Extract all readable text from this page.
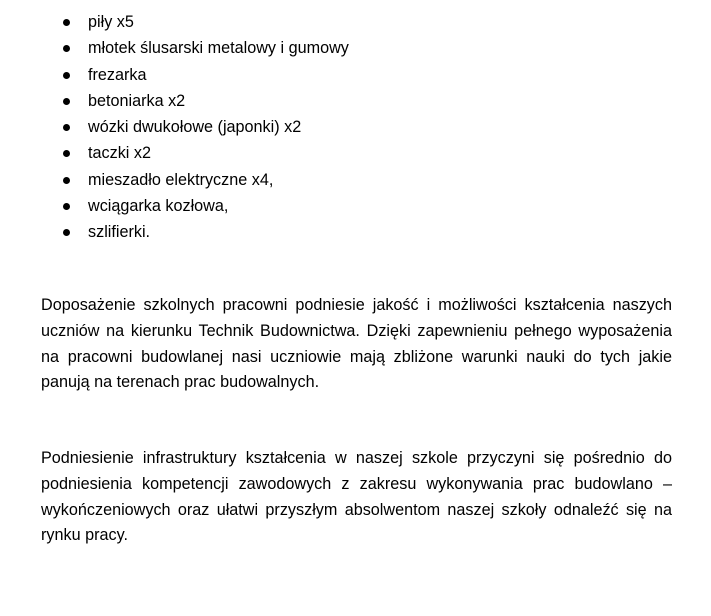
piły x5
młotek ślusarski metalowy i gumowy
frezarka
betoniarka x2
wózki dwukołowe (japonki) x2
taczki x2
mieszadło elektryczne x4,
wciągarka kozłowa,
szlifierki.

Doposażenie szkolnych pracowni podniesie jakość i możliwości kształcenia naszych uczniów na kierunku Technik Budownictwa. Dzięki zapewnieniu pełnego wyposażenia na pracowni budowlanej nasi uczniowie mają zbliżone warunki nauki do tych jakie panują na terenach prac budowalnych.

Podniesienie infrastruktury kształcenia w naszej szkole przyczyni się pośrednio do podniesienia kompetencji zawodowych z zakresu wykonywania prac budowlano – wykończeniowych oraz ułatwi przyszłym absolwentom naszej szkoły odnaleźć się na rynku pracy.
